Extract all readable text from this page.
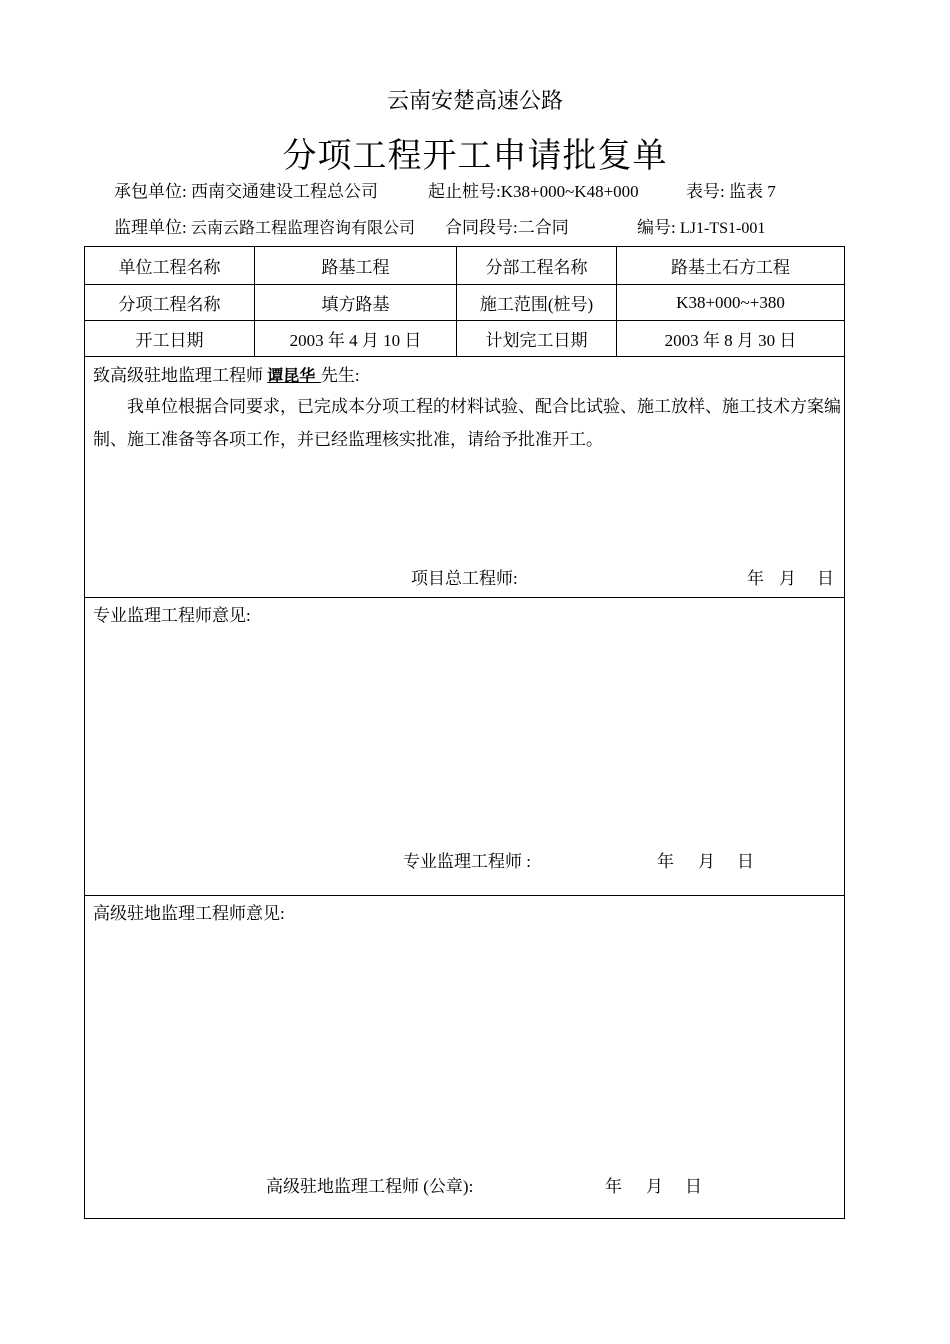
云南安楚高速公路
分项工程开工申请批复单
承包单位: 西南交通建设工程总公司	起止桩号:K38+000~K48+000	表号: 监表 7
监理单位: 云南云路工程监理咨询有限公司 合同段号:二合同	编号: LJ1-TS1-001
单位工程名称	路基工程	分部工程名称	路基土石方工程
分项工程名称	填方路基	施工范围(桩号)	K38+000~+380
开工日期	2003 年 4 月 10 日	计划完工日期	2003 年 8 月 30 日
致高级驻地监理工程师 谭昆华 先生:
我单位根据合同要求，已完成本分项工程的材料试验、配合比试验、施工放样、施工技术方案编制、施工准备等各项工作，并已经监理核实批准，请给予批准开工。
项目总工程师:	年 月 日
专业监理工程师意见:
专业监理工程师 :	年 月 日
高级驻地监理工程师意见:
高级驻地监理工程师 (公章):	年 月 日
